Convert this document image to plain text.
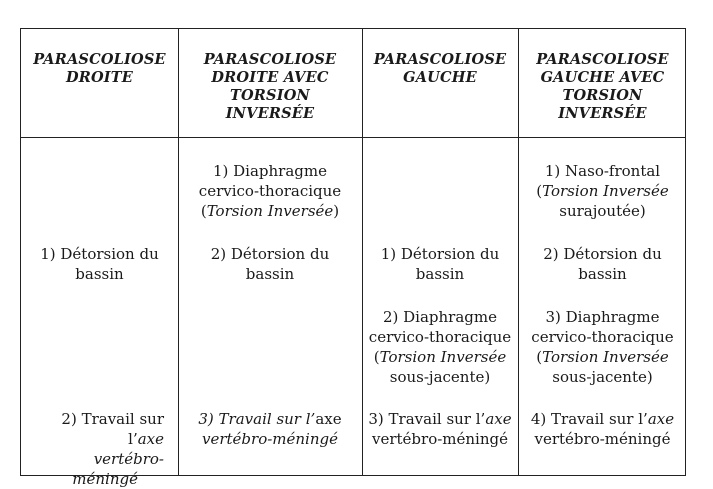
PARASCOLIOSE
DROITE
1) Détorsion du
bassin
2) Travail sur l’axe
vertébro-
méningé
PARASCOLIOSE
DROITE AVEC
TORSION
INVERSÉE
1) Diaphragme
cervico-thoracique
(Torsion Inversée)
2) Détorsion du
bassin
3) Travail sur l’axe
vertébro-méningé
PARASCOLIOSE
GAUCHE
1) Détorsion du
bassin
2) Diaphragme
cervico-thoracique
(Torsion Inversée
sous-jacente)
3) Travail sur l’axe
vertébro-méningé
PARASCOLIOSE
GAUCHE AVEC
TORSION
INVERSÉE
1) Naso-frontal
(Torsion Inversée
surajoutée)
2) Détorsion du
bassin
3) Diaphragme
cervico-thoracique
(Torsion Inversée
sous-jacente)
4) Travail sur l’axe
vertébro-méningé
